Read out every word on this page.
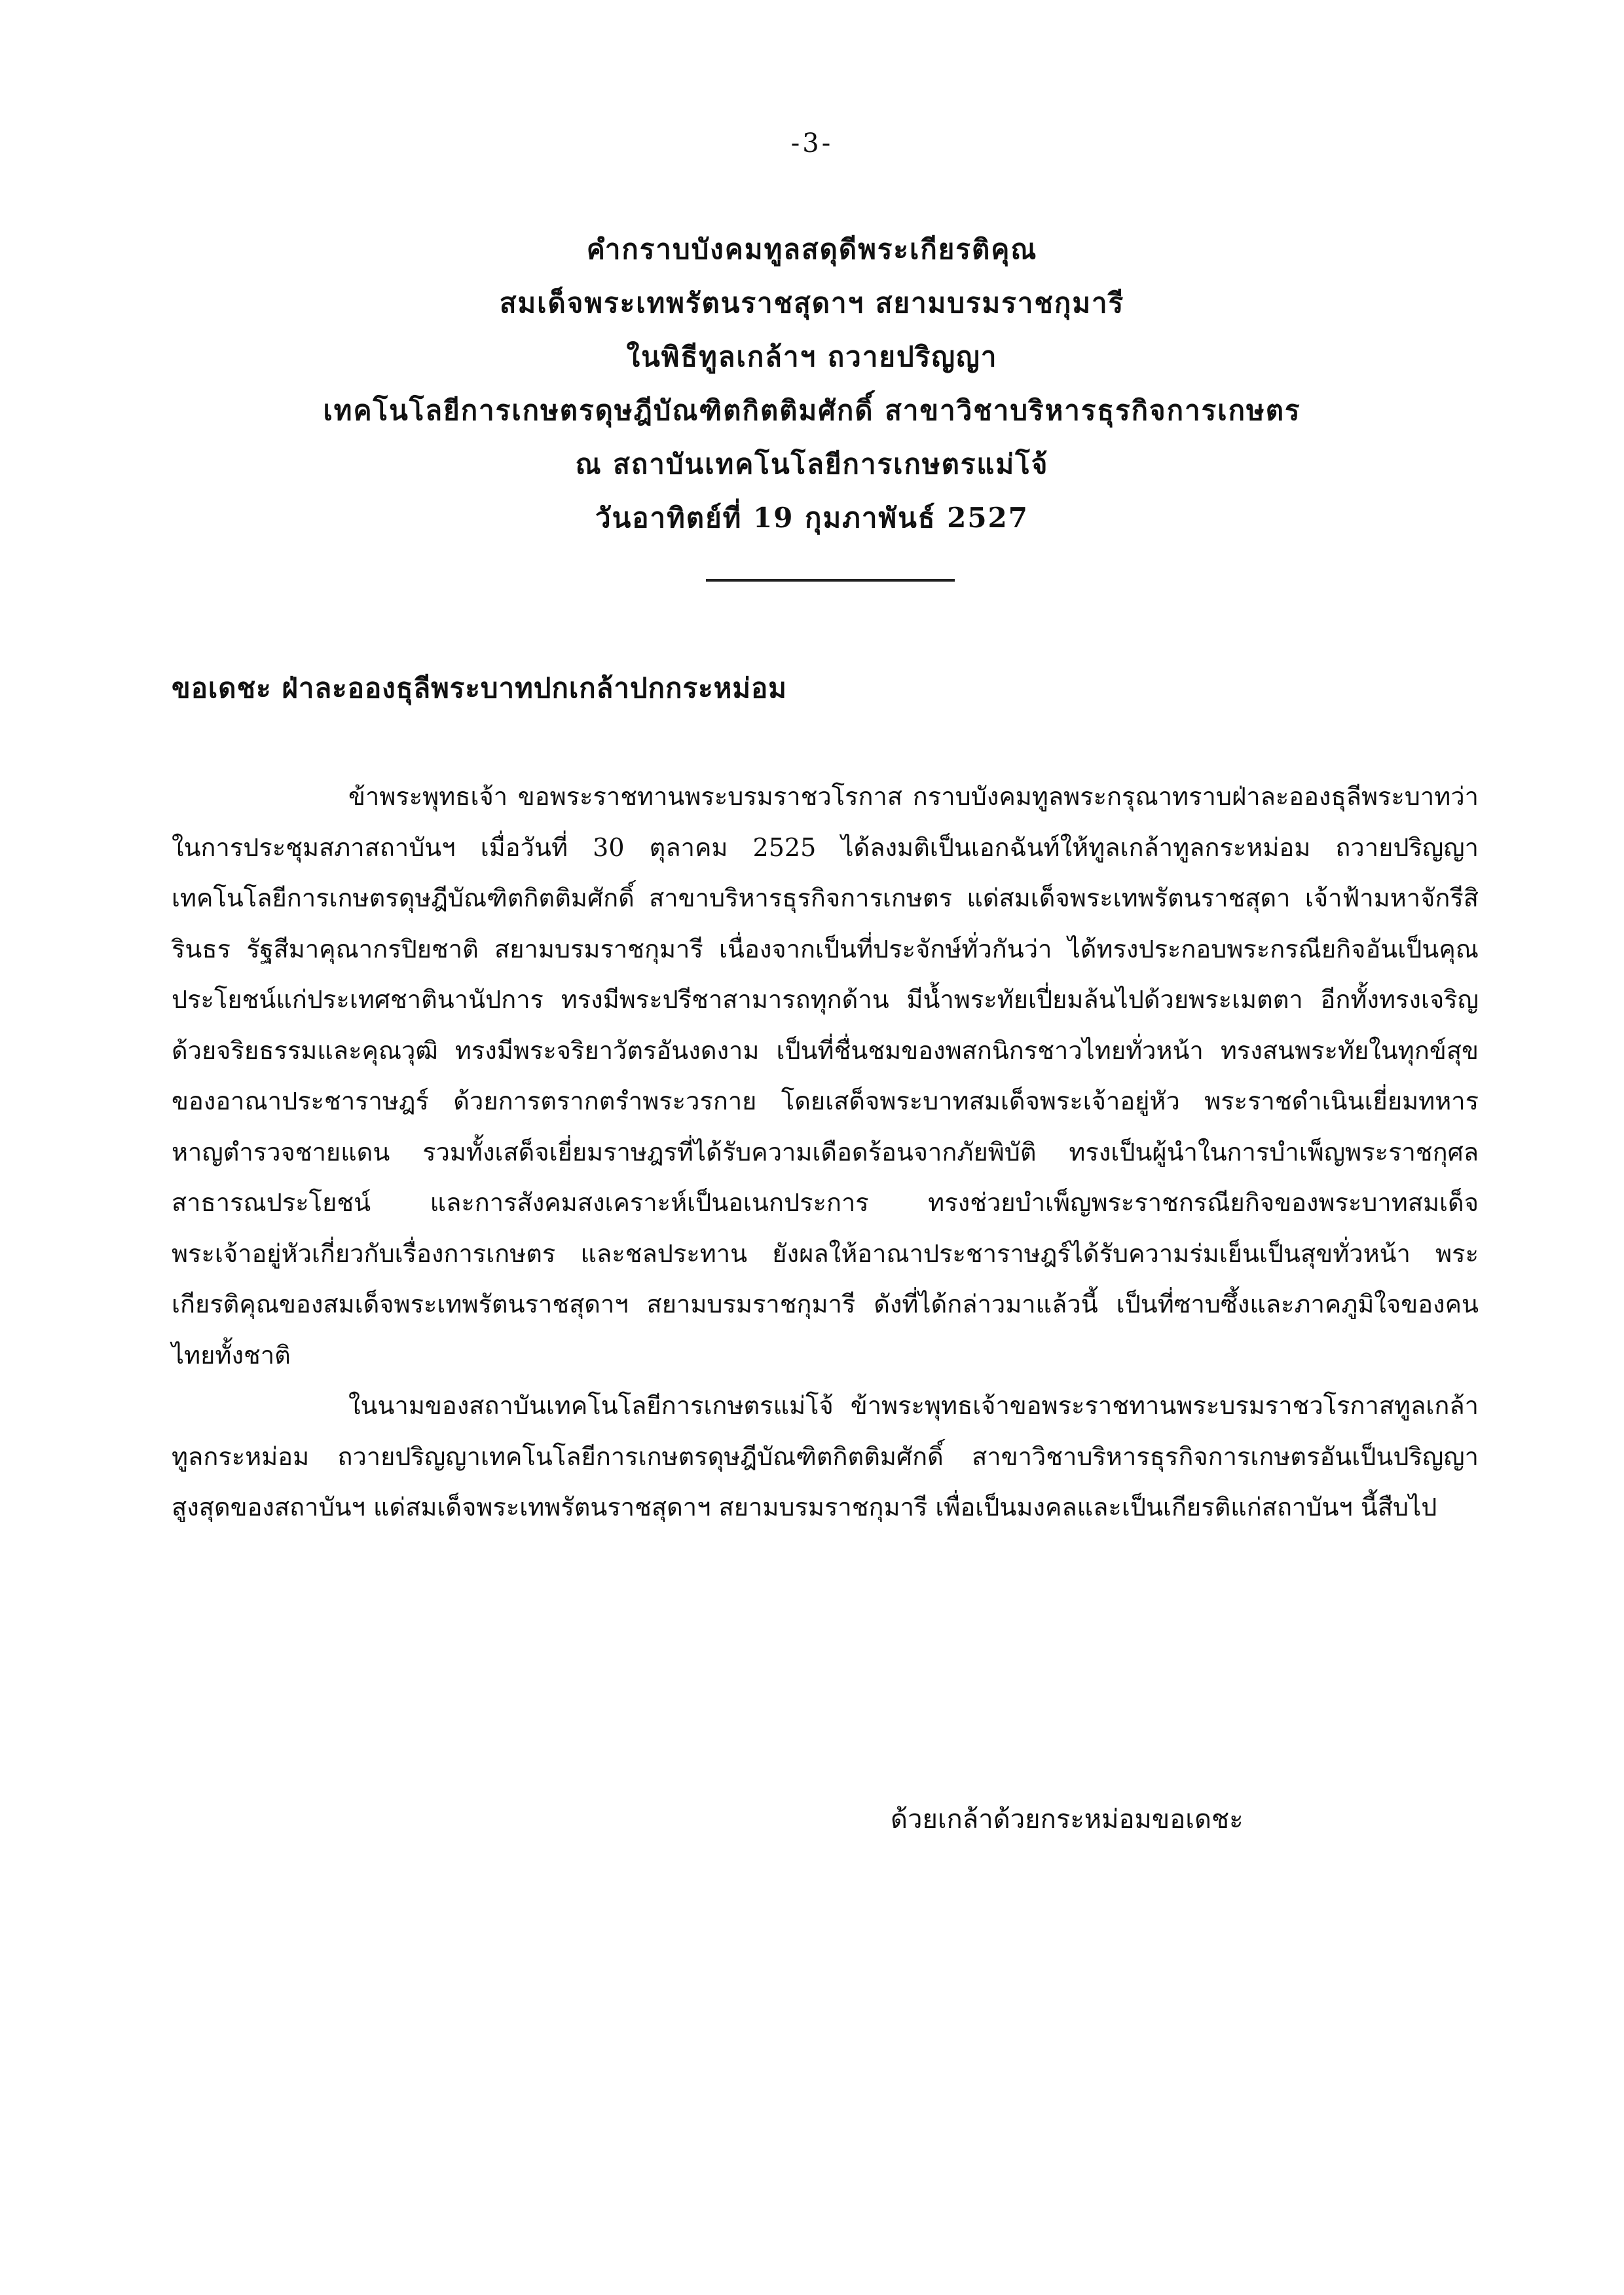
-3-
คำกราบบังคมทูลสดุดีพระเกียรติคุณ
สมเด็จพระเทพรัตนราชสุดาฯ สยามบรมราชกุมารี
ในพิธีทูลเกล้าฯ ถวายปริญญา
เทคโนโลยีการเกษตรดุษฎีบัณฑิตกิตติมศักดิ์ สาขาวิชาบริหารธุรกิจการเกษตร
ณ สถาบันเทคโนโลยีการเกษตรแม่โจ้
วันอาทิตย์ที่ 19 กุมภาพันธ์ 2527
ขอเดชะ ฝ่าละอองธุลีพระบาทปกเกล้าปกกระหม่อม

ข้าพระพุทธเจ้า ขอพระราชทานพระบรมราชวโรกาส กราบบังคมทูลพระกรุณาทราบฝ่าละอองธุลีพระบาทว่า ในการประชุมสภาสถาบันฯ เมื่อวันที่ 30 ตุลาคม 2525 ได้ลงมติเป็นเอกฉันท์ให้ทูลเกล้าทูลกระหม่อม ถวายปริญญาเทคโนโลยีการเกษตรดุษฎีบัณฑิตกิตติมศักดิ์ สาขาบริหารธุรกิจการเกษตร แด่สมเด็จพระเทพรัตนราชสุดา เจ้าฟ้ามหาจักรีสิรินธร รัฐสีมาคุณากรปิยชาติ สยามบรมราชกุมารี เนื่องจากเป็นที่ประจักษ์ทั่วกันว่า ได้ทรงประกอบพระกรณียกิจอันเป็นคุณประโยชน์แก่ประเทศชาตินานัปการ ทรงมีพระปรีชาสามารถทุกด้าน มีน้ำพระทัยเปี่ยมล้นไปด้วยพระเมตตา อีกทั้งทรงเจริญด้วยจริยธรรมและคุณวุฒิ ทรงมีพระจริยาวัตรอันงดงาม เป็นที่ชื่นชมของพสกนิกรชาวไทยทั่วหน้า ทรงสนพระทัยในทุกข์สุขของอาณาประชาราษฎร์ ด้วยการตรากตรำพระวรกาย โดยเสด็จพระบาทสมเด็จพระเจ้าอยู่หัว พระราชดำเนินเยี่ยมทหารหาญตำรวจชายแดน รวมทั้งเสด็จเยี่ยมราษฎรที่ได้รับความเดือดร้อนจากภัยพิบัติ ทรงเป็นผู้นำในการบำเพ็ญพระราชกุศลสาธารณประโยชน์ และการสังคมสงเคราะห์เป็นอเนกประการ ทรงช่วยบำเพ็ญพระราชกรณียกิจของพระบาทสมเด็จพระเจ้าอยู่หัวเกี่ยวกับเรื่องการเกษตร และชลประทาน ยังผลให้อาณาประชาราษฎร์ได้รับความร่มเย็นเป็นสุขทั่วหน้า พระเกียรติคุณของสมเด็จพระเทพรัตนราชสุดาฯ สยามบรมราชกุมารี ดังที่ได้กล่าวมาแล้วนี้ เป็นที่ซาบซึ้งและภาคภูมิใจของคนไทยทั้งชาติ

ในนามของสถาบันเทคโนโลยีการเกษตรแม่โจ้ ข้าพระพุทธเจ้าขอพระราชทานพระบรมราชวโรกาสทูลเกล้าทูลกระหม่อม ถวายปริญญาเทคโนโลยีการเกษตรดุษฎีบัณฑิตกิตติมศักดิ์ สาขาวิชาบริหารธุรกิจการเกษตรอันเป็นปริญญาสูงสุดของสถาบันฯ แด่สมเด็จพระเทพรัตนราชสุดาฯ สยามบรมราชกุมารี เพื่อเป็นมงคลและเป็นเกียรติแก่สถาบันฯ นี้สืบไป

ด้วยเกล้าด้วยกระหม่อมขอเดชะ
